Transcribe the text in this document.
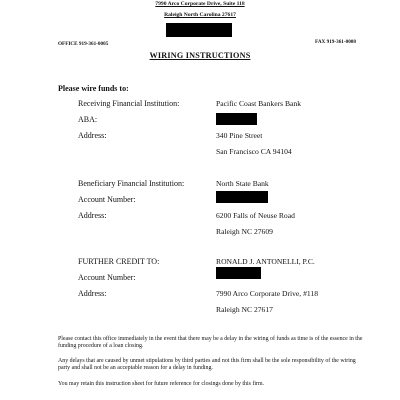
7990 Arco Corporate Drive, Suite 118
Raleigh North Carolina 27617
OFFICE 919-361-0005	FAX 919-361-0008
WIRING INSTRUCTIONS
Please wire funds to:
Receiving Financial Institution:	Pacific Coast Bankers Bank
ABA:
Address:	340 Pine Street
San Francisco CA 94104
Beneficiary Financial Institution:	North State Bank
Account Number:
Address:	6200 Falls of Neuse Road
Raleigh NC 27609
FURTHER CREDIT TO:	RONALD J. ANTONELLI, P.C.
Account Number:
Address:	7990 Arco Corporate Drive, #118
Raleigh NC 27617
Please contact this office immediately in the event that there may be a delay in the wiring of funds as time is of the essence in the funding procedure of a loan closing.
Any delays that are caused by unmet stipulations by third parties and not this firm shall be the sole responsibility of the wiring party and shall not be an acceptable reason for a delay in funding.
You may retain this instruction sheet for future reference for closings done by this firm.
